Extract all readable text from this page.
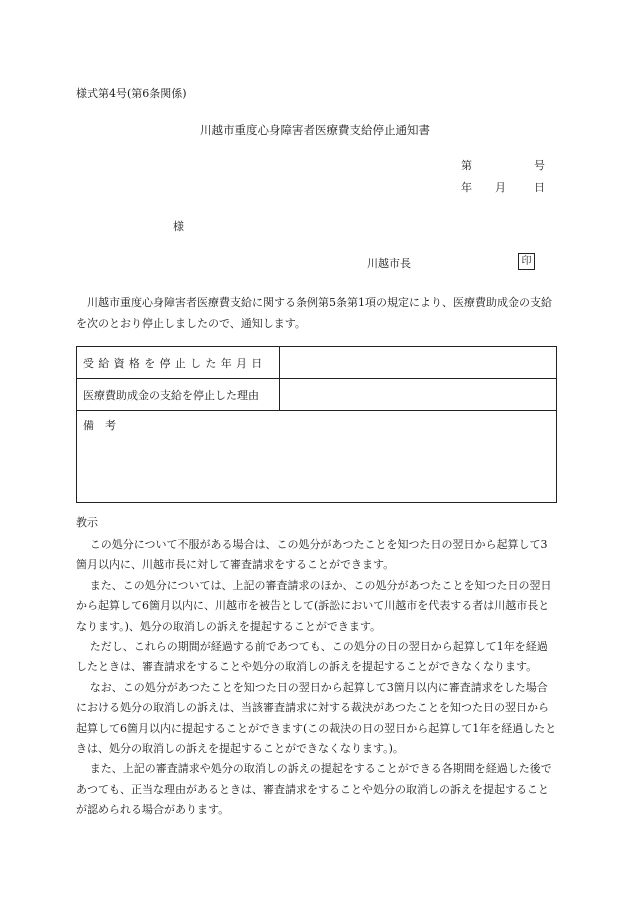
様式第4号(第6条関係)
川越市重度心身障害者医療費支給停止通知書
第	号
年 月	日
様
川越市長	印
　川越市重度心身障害者医療費支給に関する条例第5条第1項の規定により、医療費助成金の支給を次のとおり停止しましたので、通知します。
受給資格を停止した年月日	
医療費助成金の支給を停止した理由	
備　考	
教示

この処分について不服がある場合は、この処分があつたことを知つた日の翌日から起算して3箇月以内に、川越市長に対して審査請求をすることができます。

また、この処分については、上記の審査請求のほか、この処分があつたことを知つた日の翌日から起算して6箇月以内に、川越市を被告として(訴訟において川越市を代表する者は川越市長となります。)、処分の取消しの訴えを提起することができます。

ただし、これらの期間が経過する前であつても、この処分の日の翌日から起算して1年を経過したときは、審査請求をすることや処分の取消しの訴えを提起することができなくなります。

なお、この処分があつたことを知つた日の翌日から起算して3箇月以内に審査請求をした場合における処分の取消しの訴えは、当該審査請求に対する裁決があつたことを知つた日の翌日から起算して6箇月以内に提起することができます(この裁決の日の翌日から起算して1年を経過したときは、処分の取消しの訴えを提起することができなくなります。)。

また、上記の審査請求や処分の取消しの訴えの提起をすることができる各期間を経過した後であつても、正当な理由があるときは、審査請求をすることや処分の取消しの訴えを提起することが認められる場合があります。
